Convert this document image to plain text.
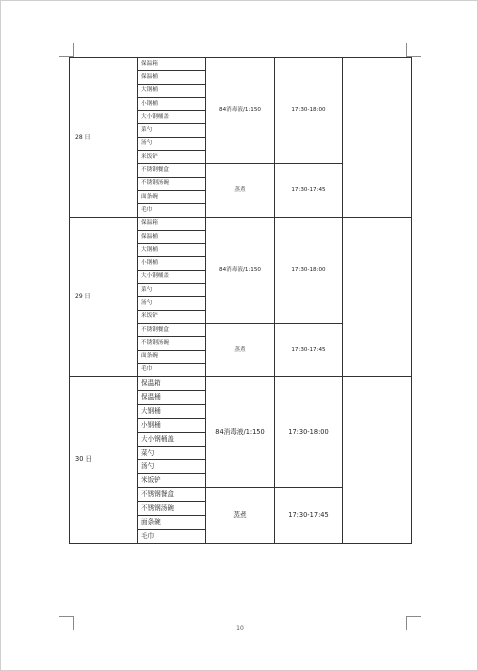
28 日	保温箱	84消毒液/1:150	17:30-18:00	
	保温桶			
	大钢桶			
	小钢桶			
	大小钢桶盖			
	菜勺			
	汤勺			
	米饭铲			
	不锈钢餐盒	蒸煮	17:30-17:45	
	不锈钢汤碗			
	面条碗			
	毛巾			
29 日	保温箱	84消毒液/1:150	17:30-18:00	
	保温桶			
	大钢桶			
	小钢桶			
	大小钢桶盖			
	菜勺			
	汤勺			
	米饭铲			
	不锈钢餐盒	蒸煮	17:30-17:45	
	不锈钢汤碗			
	面条碗			
	毛巾			
30 日	保温箱	84消毒液/1:150	17:30-18:00	
	保温桶			
	大钢桶			
	小钢桶			
	大小钢桶盖			
	菜勺			
	汤勺			
	米饭铲			
	不锈钢餐盒	蒸煮	17:30-17:45	
	不锈钢汤碗			
	面条碗			
	毛巾			
10
